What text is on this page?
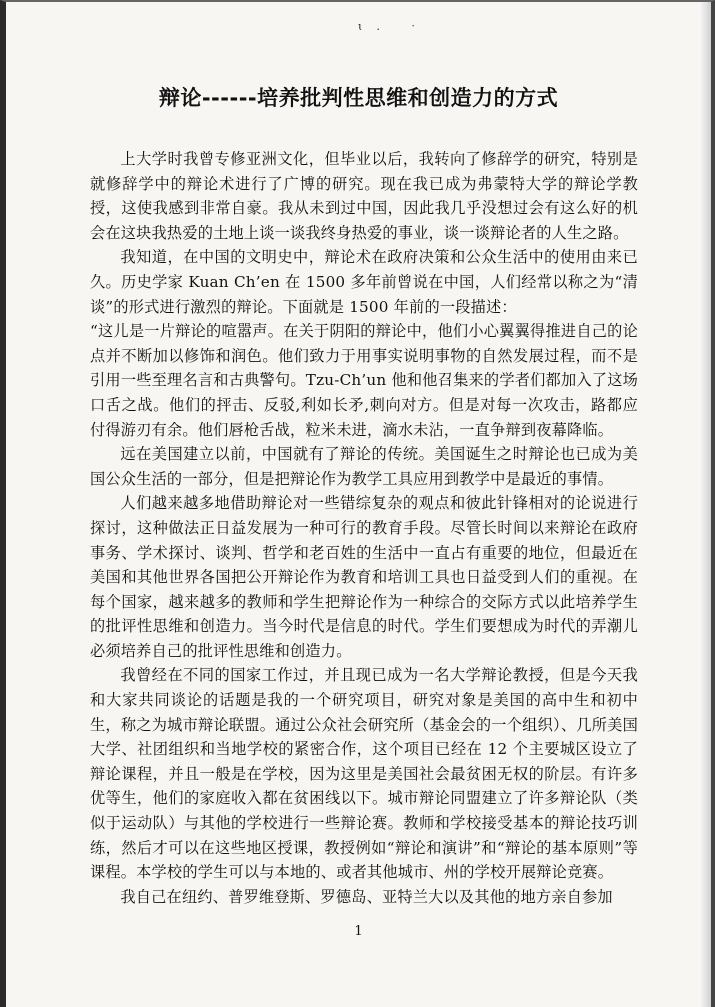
ɩ. ˑ
辩论------培养批判性思维和创造力的方式

上大学时我曾专修亚洲文化，但毕业以后，我转向了修辞学的研究，特别是就修辞学中的辩论术进行了广博的研究。现在我已成为弗蒙特大学的辩论学教授，这使我感到非常自豪。我从未到过中国，因此我几乎没想过会有这么好的机会在这块我热爱的土地上谈一谈我终身热爱的事业，谈一谈辩论者的人生之路。

我知道，在中国的文明史中，辩论术在政府决策和公众生活中的使用由来已久。历史学家 Kuan Ch’en 在 1500 多年前曾说在中国，人们经常以称之为“清谈”的形式进行激烈的辩论。下面就是 1500 年前的一段描述：

“这儿是一片辩论的喧嚣声。在关于阴阳的辩论中，他们小心翼翼得推进自己的论点并不断加以修饰和润色。他们致力于用事实说明事物的自然发展过程，而不是引用一些至理名言和古典警句。Tzu-Ch’un 他和他召集来的学者们都加入了这场口舌之战。他们的抨击、反驳,利如长矛,刺向对方。但是对每一次攻击，路都应付得游刃有余。他们唇枪舌战，粒米未进，滴水未沾，一直争辩到夜幕降临。

远在美国建立以前，中国就有了辩论的传统。美国诞生之时辩论也已成为美国公众生活的一部分，但是把辩论作为教学工具应用到教学中是最近的事情。

人们越来越多地借助辩论对一些错综复杂的观点和彼此针锋相对的论说进行探讨，这种做法正日益发展为一种可行的教育手段。尽管长时间以来辩论在政府事务、学术探讨、谈判、哲学和老百姓的生活中一直占有重要的地位，但最近在美国和其他世界各国把公开辩论作为教育和培训工具也日益受到人们的重视。在每个国家，越来越多的教师和学生把辩论作为一种综合的交际方式以此培养学生的批评性思维和创造力。当今时代是信息的时代。学生们要想成为时代的弄潮儿必须培养自己的批评性思维和创造力。

我曾经在不同的国家工作过，并且现已成为一名大学辩论教授，但是今天我和大家共同谈论的话题是我的一个研究项目，研究对象是美国的高中生和初中生，称之为城市辩论联盟。通过公众社会研究所（基金会的一个组织）、几所美国大学、社团组织和当地学校的紧密合作，这个项目已经在 12 个主要城区设立了辩论课程，并且一般是在学校，因为这里是美国社会最贫困无权的阶层。有许多优等生，他们的家庭收入都在贫困线以下。城市辩论同盟建立了许多辩论队（类似于运动队）与其他的学校进行一些辩论赛。教师和学校接受基本的辩论技巧训练，然后才可以在这些地区授课，教授例如“辩论和演讲”和“辩论的基本原则”等课程。本学校的学生可以与本地的、或者其他城市、州的学校开展辩论竞赛。

我自己在纽约、普罗维登斯、罗德岛、亚特兰大以及其他的地方亲自参加

1
